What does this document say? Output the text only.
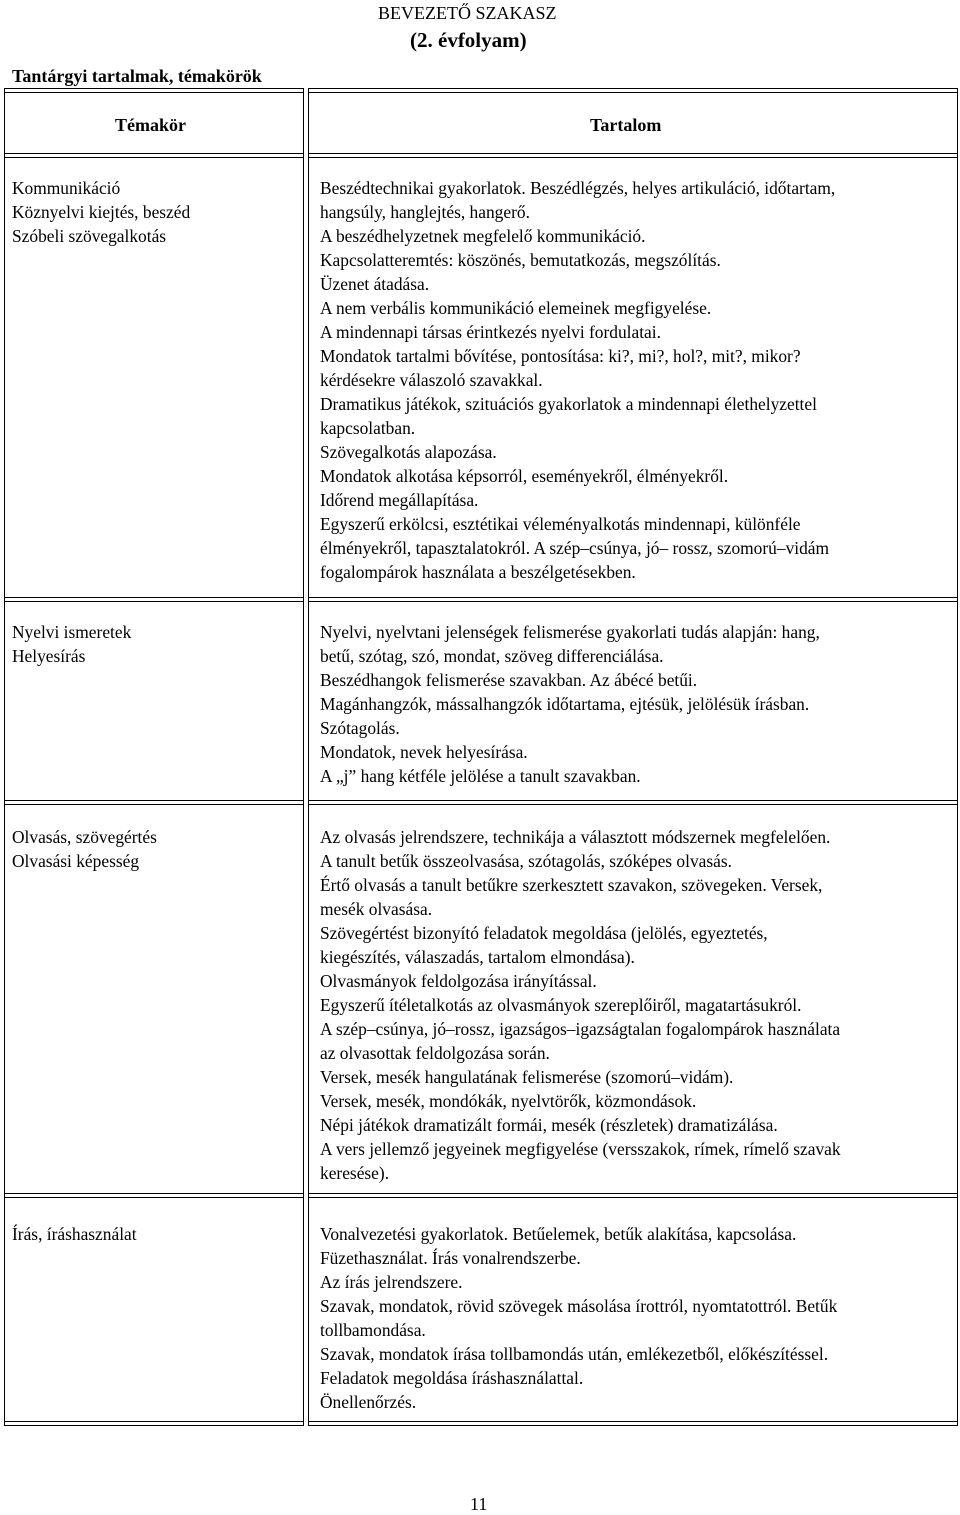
BEVEZETŐ SZAKASZ
(2. évfolyam)
Tantárgyi tartalmak, témakörök
Témakör	Tartalom
Kommunikáció
Köznyelvi kiejtés, beszéd
Szóbeli szövegalkotás
Beszédtechnikai gyakorlatok. Beszédlégzés, helyes artikuláció, időtartam,
hangsúly, hanglejtés, hangerő.
A beszédhelyzetnek megfelelő kommunikáció.
Kapcsolatteremtés: köszönés, bemutatkozás, megszólítás.
Üzenet átadása.
A nem verbális kommunikáció elemeinek megfigyelése.
A mindennapi társas érintkezés nyelvi fordulatai.
Mondatok tartalmi bővítése, pontosítása: ki?, mi?, hol?, mit?, mikor?
kérdésekre válaszoló szavakkal.
Dramatikus játékok, szituációs gyakorlatok a mindennapi élethelyzettel
kapcsolatban.
Szövegalkotás alapozása.
Mondatok alkotása képsorról, eseményekről, élményekről.
Időrend megállapítása.
Egyszerű erkölcsi, esztétikai véleményalkotás mindennapi, különféle
élményekről, tapasztalatokról. A szép–csúnya, jó– rossz, szomorú–vidám
fogalompárok használata a beszélgetésekben.
Nyelvi ismeretek
Helyesírás
Nyelvi, nyelvtani jelenségek felismerése gyakorlati tudás alapján: hang,
betű, szótag, szó, mondat, szöveg differenciálása.
Beszédhangok felismerése szavakban. Az ábécé betűi.
Magánhangzók, mássalhangzók időtartama, ejtésük, jelölésük írásban.
Szótagolás.
Mondatok, nevek helyesírása.
A „j” hang kétféle jelölése a tanult szavakban.
Olvasás, szövegértés
Olvasási képesség
Az olvasás jelrendszere, technikája a választott módszernek megfelelően.
A tanult betűk összeolvasása, szótagolás, szóképes olvasás.
Értő olvasás a tanult betűkre szerkesztett szavakon, szövegeken. Versek,
mesék olvasása.
Szövegértést bizonyító feladatok megoldása (jelölés, egyeztetés,
kiegészítés, válaszadás, tartalom elmondása).
Olvasmányok feldolgozása irányítással.
Egyszerű ítéletalkotás az olvasmányok szereplőiről, magatartásukról.
A szép–csúnya, jó–rossz, igazságos–igazságtalan fogalompárok használata
az olvasottak feldolgozása során.
Versek, mesék hangulatának felismerése (szomorú–vidám).
Versek, mesék, mondókák, nyelvtörők, közmondások.
Népi játékok dramatizált formái, mesék (részletek) dramatizálása.
A vers jellemző jegyeinek megfigyelése (versszakok, rímek, rímelő szavak
keresése).
Írás, íráshasználat	Vonalvezetési gyakorlatok. Betűelemek, betűk alakítása, kapcsolása.
Füzethasználat. Írás vonalrendszerbe.
Az írás jelrendszere.
Szavak, mondatok, rövid szövegek másolása írottról, nyomtatottról. Betűk
tollbamondása.
Szavak, mondatok írása tollbamondás után, emlékezetből, előkészítéssel.
Feladatok megoldása íráshasználattal.
Önellenőrzés.
11
